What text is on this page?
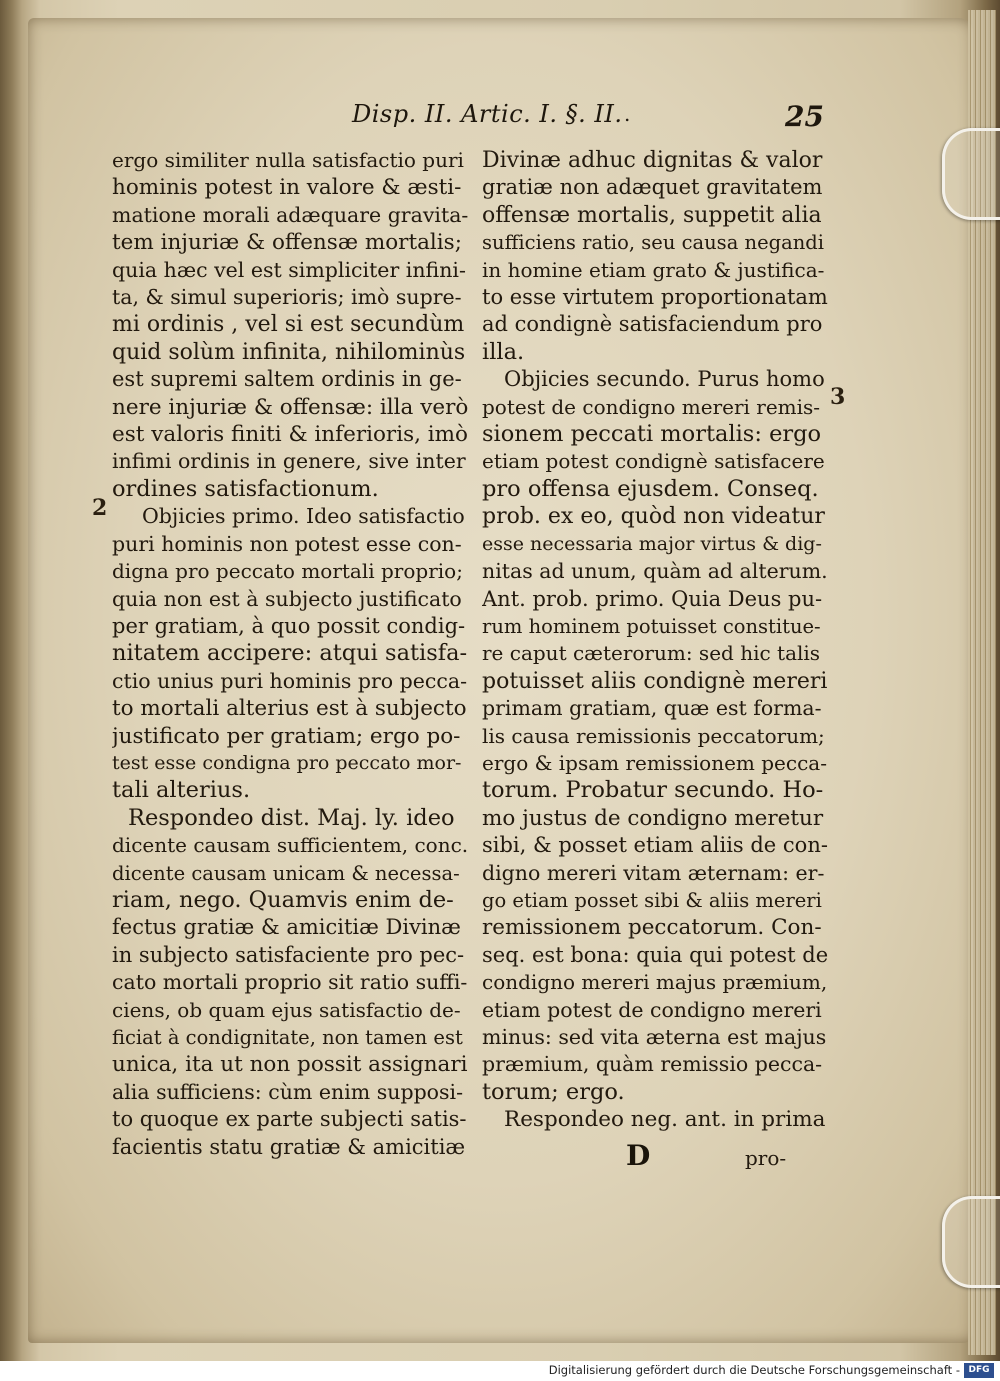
Disp. II. Artic. I. §. II. .	25
ergo similiter nulla satisfactio puri
hominis potest in valore & æsti-
matione morali adæquare gravita-
tem injuriæ & offensæ mortalis;
quia hæc vel est simpliciter infini-
ta, & simul superioris; imò supre-
mi ordinis , vel si est secundùm
quid solùm infinita, nihilominùs
est supremi saltem ordinis in ge-
nere injuriæ & offensæ: illa verò
est valoris finiti & inferioris, imò
infimi ordinis in genere, sive inter
ordines satisfactionum.
Objicies primo. Ideo satisfactio
puri hominis non potest esse con-
digna pro peccato mortali proprio;
quia non est à subjecto justificato
per gratiam, à quo possit condig-
nitatem accipere: atqui satisfa-
ctio unius puri hominis pro pecca-
to mortali alterius est à subjecto
justificato per gratiam; ergo po-
test esse condigna pro peccato mor-
tali alterius.
Respondeo dist. Maj. ly. ideo
dicente causam sufficientem, conc.
dicente causam unicam & necessa-
riam, nego. Quamvis enim de-
fectus gratiæ & amicitiæ Divinæ
in subjecto satisfaciente pro pec-
cato mortali proprio sit ratio suffi-
ciens, ob quam ejus satisfactio de-
ficiat à condignitate, non tamen est
unica, ita ut non possit assignari
alia sufficiens: cùm enim supposi-
to quoque ex parte subjecti satis-
facientis statu gratiæ & amicitiæ
Divinæ adhuc dignitas & valor
gratiæ non adæquet gravitatem
offensæ mortalis, suppetit alia
sufficiens ratio, seu causa negandi
in homine etiam grato & justifica-
to esse virtutem proportionatam
ad condignè satisfaciendum pro
illa.
Objicies secundo. Purus homo
potest de condigno mereri remis-
sionem peccati mortalis: ergo
etiam potest condignè satisfacere
pro offensa ejusdem. Conseq.
prob. ex eo, quòd non videatur
esse necessaria major virtus & dig-
nitas ad unum, quàm ad alterum.
Ant. prob. primo. Quia Deus pu-
rum hominem potuisset constitue-
re caput cæterorum: sed hic talis
potuisset aliis condignè mereri
primam gratiam, quæ est forma-
lis causa remissionis peccatorum;
ergo & ipsam remissionem pecca-
torum. Probatur secundo. Ho-
mo justus de condigno meretur
sibi, & posset etiam aliis de con-
digno mereri vitam æternam: er-
go etiam posset sibi & aliis mereri
remissionem peccatorum. Con-
seq. est bona: quia qui potest de
condigno mereri majus præmium,
etiam potest de condigno mereri
minus: sed vita æterna est majus
præmium, quàm remissio pecca-
torum; ergo.
Respondeo neg. ant. in prima
2
3
D	pro-
Digitalisierung gefördert durch die Deutsche Forschungsgemeinschaft - DFG
